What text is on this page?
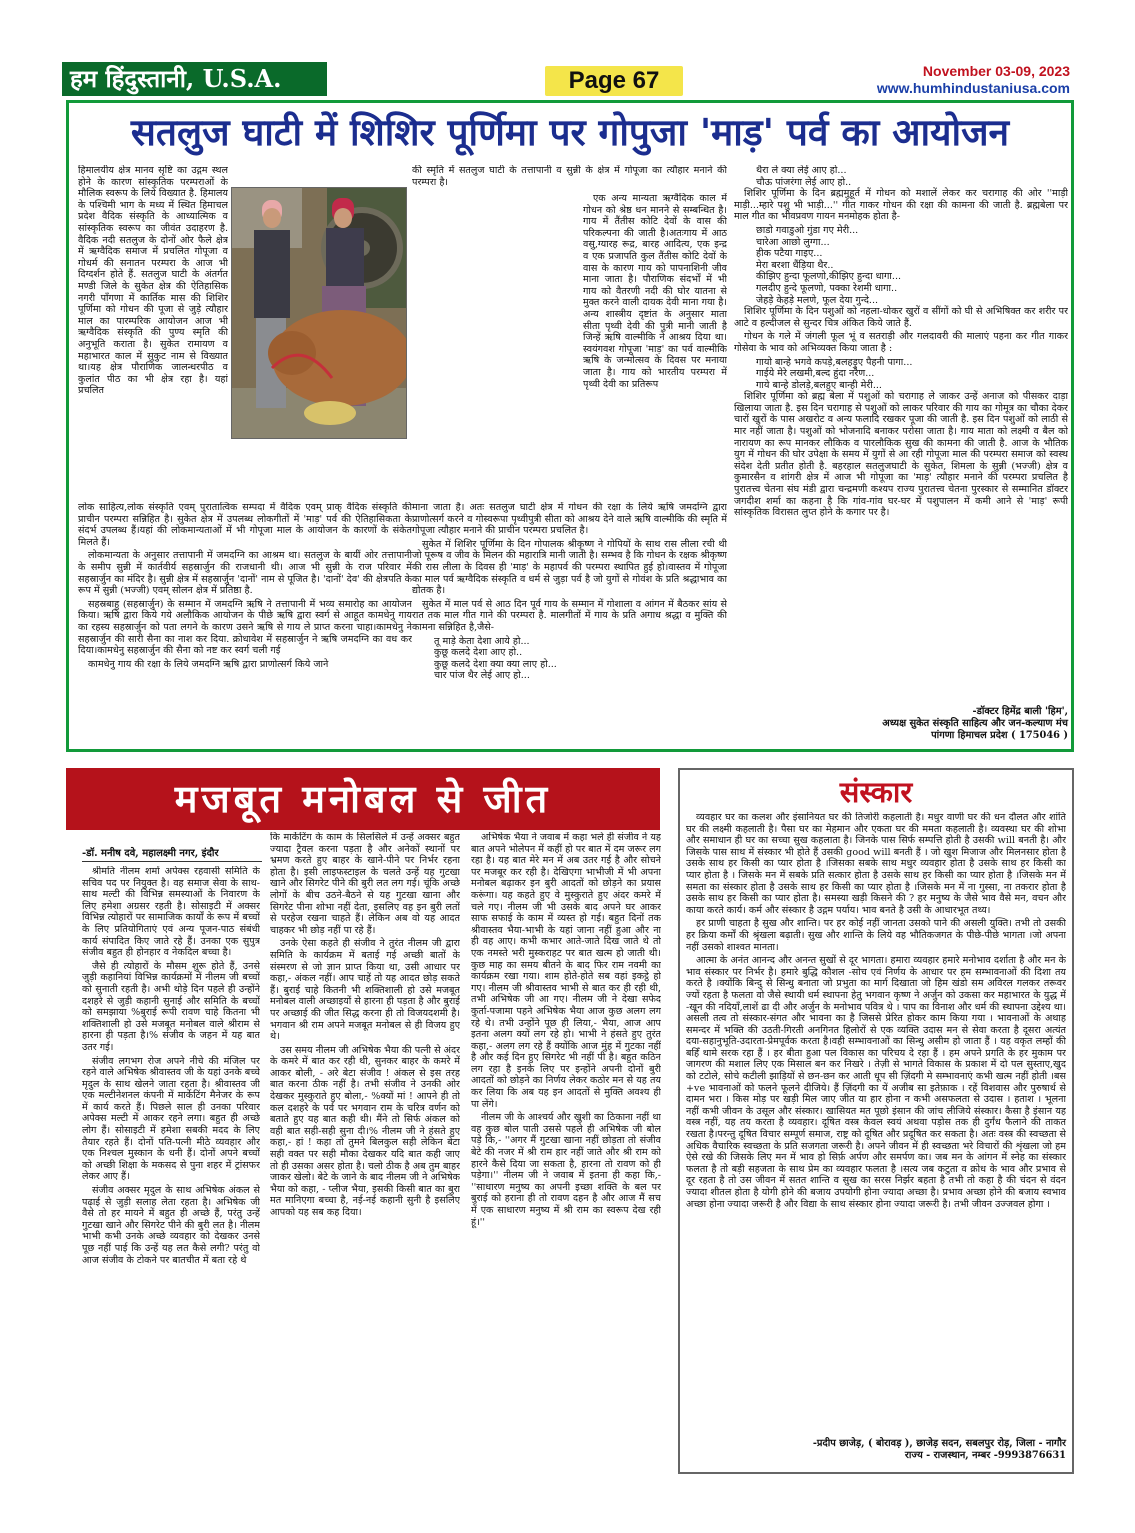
हम हिंदुस्तानी, U.S.A.	Page 67	November 03-09, 2023
www.humhindustaniusa.com
सतलुज घाटी में शिशिर पूर्णिमा पर गोपुजा 'माड़' पर्व का आयोजन

हिमालयीय क्षेत्र मानव सृष्टि का उद्गम स्थल होने के कारण सांस्कृतिक परम्पराओं के मौलिक स्वरूप के लिये विख्यात है. हिमालय के पश्चिमी भाग के मध्य में स्थित हिमाचल प्रदेश वैदिक संस्कृति के आध्यात्मिक व सांस्कृतिक स्वरूप का जीवंत उदाहरण है. वैदिक नदी सतलुज के दोनों ओर फैले क्षेत्र में ऋग्वैदिक समाज में प्रचलित गोपूजा व गोधर्म की सनातन परम्परा के आज भी दिग्दर्शन होते हैं. सतलुज घाटी के अंतर्गत मण्डी जिले के सुकेत क्षेत्र की ऐतिहासिक नगरी पाँगणा में कार्तिक मास की शिशिर पूर्णिमा को गोधन की पूजा से जुड़े त्यौहार माल का पारम्परिक आयोजन आज भी ऋग्वैदिक संस्कृति की पुण्य स्मृति की अनुभूति कराता है। सुकेत रामायण व महाभारत काल में सुकुट नाम से विख्यात था।यह क्षेत्र पौराणिक जालन्धरपीठ व कुलांत पीठ का भी क्षेत्र रहा है। यहां प्रचलित

लोक साहित्य,लोक संस्कृति एवम् पुरातात्विक सम्पदा में वैदिक एवम् प्राक् वैदिक संस्कृति की प्राचीन परम्परा सन्निहित है। सुकेत क्षेत्र में उपलब्ध लोकगीतों में 'माड़' पर्व की ऐतिहासिकता के संदर्भ उपलब्ध हैं।यहां की लोकमान्यताओं में भी गोपूजा माल के आयोजन के कारणों के संकेत मिलते हैं।

लोकमान्यता के अनुसार तत्तापानी में जमदग्नि का आश्रम था। सतलुज के बायीं ओर तत्तापानी के समीप सुन्नी में कार्तवीर्य सहस्रार्जुन की राजधानी थी। आज भी सुन्नी के राज परिवार में सहस्रार्जुन का मंदिर है। सुन्नी क्षेत्र में सहस्रार्जुन 'दानों' नाम से पूजित है। 'दानों' देव' की क्षेत्रपति के रूप में सुन्नी (भज्जी) एवम् सोलन क्षेत्र में प्रतिष्ठा है.

सहस्रबाहु (सहस्रार्जुन) के सम्मान में जमदग्नि ऋषि ने तत्तापानी में भव्य समारोह का आयोजन किया। ऋषि द्वारा किये गये अलौकिक आयोजन के पीछे ऋषि द्वारा स्वर्ग से आहूत कामधेनु गाय का रहस्य सहस्रार्जुन को पता लगने के कारण उसने ऋषि से गाय ले प्राप्त करना चाहा।कामधेनु ने सहस्रार्जुन की सारी सैना का नाश कर दिया. क्रोधावेश में सहस्रार्जुन ने ऋषि जमदग्नि का वध कर दिया।कामधेनु सहस्रार्जुन की सैना को नष्ट कर स्वर्ग चली गई

कामधेनु गाय की रक्षा के लिये जमदग्नि ऋषि द्वारा प्राणोत्सर्ग किये जाने

की स्मृति में सतलुज घाटी के तत्तापानी व सुन्नी के क्षेत्र में गोपूजा का त्यौहार मनाने की परम्परा है।

एक अन्य मान्यता ऋग्वैदिक काल में गोधन को श्रेष्ठ धन मानने से सम्बन्धित है। गाय में तैंतीस कोटि देवों के वास की परिकल्पना की जाती है।अतःगाय में आठ वसु,ग्यारह रूद्र, बारह आदित्य, एक इन्द्र व एक प्रजापति कुल तैंतीस कोटि देवों के वास के कारण गाय को पापनाशिनी जीव माना जाता है। पौराणिक संदर्भों में भी गाय को वैतरणी नदी की घोर यातना से मुक्त करने वाली दायक देवी माना गया है। अन्य शास्त्रीय दृष्टांत के अनुसार माता सीता पृथ्वी देवी की पुत्री मानी जाती है जिन्हें ऋषि वाल्मीकि ने आश्रय दिया था।स्वयंगवश गोपूजा 'माड़' का पर्व वाल्मीकि ऋषि के जन्मोत्सव के दिवस पर मनाया जाता है। गाय को भारतीय परम्परा में पृथ्वी देवी का प्रतिरूप

माना जाता है। अतः सतलुज घाटी क्षेत्र में गोधन की रक्षा के लिये ऋषि जमदग्नि द्वारा प्राणोत्सर्ग करने व गोस्वरूपा पृथ्वीपुत्री सीता को आश्रय देने वाले ऋषि वाल्मीकि की स्मृति में गोपूजा त्यौहार मनाने की प्राचीन परम्परा प्रचलित है।

सुकेत में शिशिर पूर्णिमा के दिन गोपालक श्रीकृष्ण ने गोपियों के साथ रास लीला रची थी जो पूरूष व जीव के मिलन की महारात्रि मानी जाती है। सम्भव है कि गोधन के रक्षक श्रीकृष्ण की रास लीला के दिवस ही 'माड़' के महापर्व की परम्परा स्थापित हुई हो।वास्तव में गोपूजा का माल पर्व ऋग्वैदिक संस्कृति व धर्म से जुड़ा पर्व है जो युगों से गोवंश के प्रति श्रद्धाभाव का द्योतक है।

सुकेत में माल पर्व से आठ दिन पूर्व गाय के सम्मान में गोशाला व आंगन में बैठकर सांय से रात तक माल गीत गाने की परम्परा है. मालगीतों में गाय के प्रति अगाध श्रद्धा व मुक्ति की कामना सन्निहित है,जैसे-

तू माड़े केता देशा आये हो...
कुछू कलदे देशा आए हो..
कुछू कलदे देशा क्या क्या लाए हो...
चार पांज थैर लेई आए हो...
थैरा ले क्या लेई आए हो...
चौऊ पांजरंगा लेई आए हो..

शिशिर पूर्णिमा के दिन ब्रह्ममुहूर्त में गोधन को मशालें लेकर कर चरागाह की ओर ''माड़ी माड़ी...म्हारे पशु भी भाड़ी...'' गीत गाकर गोधन की रक्षा की कामना की जाती है. ब्रह्मबेला पर माल गीत का भीवप्रवण गायन मनमोहक होता है-

छाडो गवाडुओ गुंडा गए मेरी...
चारेआ आछो लुग्गा...
हीक पटैया गाइए...
मेरा बरशा धैंड़िया थैर..
कीझिए हुन्दा फूलणो,कीझिए हुन्दा धागा...
गलदीए हुन्दे फूलणो, पक्का रेशमी धागा..
जेहड़े केहड़े मलणे, फूल देया गुन्दे...

शिशिर पूर्णिमा के दिन पशुओं को नहला-धोकर खुरों व सींगों को घी से अभिषिक्त कर शरीर पर आटे व हल्दीजल से सुन्दर चित्र अंकित किये जाते हैं.

गोधन के गले में जंगली फूल भूं व सतराड़ी और गलदावरी की मालाएं पहना कर गीत गाकर गोसेवा के भाव को अभिव्यक्त किया जाता है :

गायो बान्हे भगवे कपड़े,बलहड़ुए पैहनी पागा...
गाईये मेरे लखमी,बल्द हुंदा नरैण...
गाये बान्हे डोलड़े,बलहुए बान्ही मेरी...

शिशिर पूर्णिमा को ब्रह्म बेला में पशुओं को चरागाह ले जाकर उन्हें अनाज को पीसकर दाड़ा खिलाया जाता है. इस दिन चरागाह से पशुओं को लाकर परिवार की गाय का गोमूत्र का चौका देकर चारों खुरों के पास अखरोट व अन्य फलादि रखकर पूजा की जाती है. इस दिन पशुओं को लाठी से मार नहीं जाता है। पशुओं को भोजनादि बनाकर परोसा जाता है। गाय माता को लक्ष्मी व बैल को नारायण का रूप मानकर लौकिक व पारलौकिक सुख की कामना की जाती है. आज के भौतिक युग में गोधन की घोर उपेक्षा के समय में युगों से आ रही गोपूजा माल की परम्परा समाज को स्वस्थ संदेश देती प्रतीत होती है. बहरहाल सतलुजघाटी के सुकेत, शिमला के सुन्नी (भज्जी) क्षेत्र व कुमारसैन व शांगरी क्षेत्र में आज भी गोपूजा का 'माड़' त्यौहार मनाने की परम्परा प्रचलित है पुरातत्त्व चेतना संघ मंडी द्वारा चन्द्रमणी कश्यप राज्य पुरातत्त्व चेतना पुरस्कार से सम्मानित डॉक्टर जगदीश शर्मा का कहना है कि गांव-गांव घर-घर में पशुपालन में कमी आने से 'माड़' रूपी सांस्कृतिक विरासत लुप्त होने के कगार पर है।

-डॉक्टर हिमेंद्र बाली 'हिम',
अध्यक्ष सुकेत संस्कृति साहित्य और जन-कल्याण मंच
पांगणा हिमाचल प्रदेश ( 175046 )
मजबूत मनोबल से जीत
-डॉ. मनीष दवे, महालक्ष्मी नगर, इंदौर

श्रीमति नीलम शर्मा अपेक्स रहवासी समिति के सचिव पद पर नियुक्त है। वह समाज सेवा के साथ-साथ मल्टी की विभिन्न समस्याओं के निवारण के लिए हमेशा अग्रसर रहती है। सोसाइटी में अक्सर विभिन्न त्योहारों पर सामाजिक कार्यों के रूप में बच्चों के लिए प्रतियोगिताएं एवं अन्य पूजन-पाठ संबंधी कार्य संपादित किए जाते रहे हैं। उनका एक सुपुत्र संजीव बहुत ही होनहार व नेकदिल बच्चा है।

जैसे ही त्योहारों के मौसम शुरू होते हैं, उनसे जुड़ी कहानियां विभिन्न कार्यक्रमों में नीलम जी बच्चों को सुनाती रहती है। अभी थोड़े दिन पहले ही उन्होंने दशहरे से जुड़ी कहानी सुनाई और समिति के बच्चों को समझाया %बुराई रूपी रावण चाहे कितना भी शक्तिशाली हो उसे मजबूत मनोबल वाले श्रीराम से हारना ही पड़ता है।% संजीव के जहन में यह बात उतर गई।

संजीव लगभग रोज अपने नीचे की मंजिल पर रहने वाले अभिषेक श्रीवास्तव जी के यहां उनके बच्चे मृदुल के साथ खेलने जाता रहता है। श्रीवास्तव जी एक मल्टीनेशनल कंपनी में मार्केटिंग मैनेजर के रूप में कार्य करते हैं। पिछले साल ही उनका परिवार अपेक्स मल्टी में आकर रहने लगा। बहुत ही अच्छे लोग हैं। सोसाइटी में हमेशा सबकी मदद के लिए तैयार रहते हैं। दोनों पति-पत्नी मीठे व्यवहार और एक निश्चल मुस्कान के धनी हैं। दोनों अपने बच्चों को अच्छी शिक्षा के मकसद से पुना शहर में ट्रांसफर लेकर आए हैं।

संजीव अक्सर मृदुल के साथ अभिषेक अंकल से पढ़ाई से जुड़ी सलाह लेता रहता है। अभिषेक जी वैसे तो हर मायने में बहुत ही अच्छे हैं, परंतु उन्हें गुटखा खाने और सिगरेट पीने की बुरी लत है। नीलम भाभी कभी उनके अच्छे व्यवहार को देखकर उनसे पूछ नहीं पाई कि उन्हें यह लत कैसे लगी? परंतु वो आज संजीव के टोकने पर बातचीत में बता रहे थे

कि मार्केटिंग के काम के सिलसिले में उन्हें अक्सर बहुत ज्यादा ट्रैवल करना पड़ता है और अनेकों स्थानों पर भ्रमण करते हुए बाहर के खाने-पीने पर निर्भर रहना होता है। इसी लाइफस्टाइल के चलते उन्हें यह गुटखा खाने और सिगरेट पीने की बुरी लत लग गई। चूंकि अच्छे लोगों के बीच उठने-बैठने से यह गुटखा खाना और सिगरेट पीना शोभा नहीं देता, इसलिए वह इन बुरी लतों से परहेज रखना चाहते हैं। लेकिन अब वो यह आदत चाहकर भी छोड़ नहीं पा रहे हैं।

उनके ऐसा कहते ही संजीव ने तुरंत नीलम जी द्वारा समिति के कार्यक्रम में बताई गई अच्छी बातों के संस्मरण से जो ज्ञान प्राप्त किया था, उसी आधार पर कहा,- अंकल नहीं। आप चाहें तो यह आदत छोड़ सकते हैं। बुराई चाहे कितनी भी शक्तिशाली हो उसे मजबूत मनोबल वाली अच्छाइयों से हारना ही पड़ता है और बुराई पर अच्छाई की जीत सिद्ध करना ही तो विजयदशमी है। भगवान श्री राम अपने मजबूत मनोबल से ही विजय हुए थे।

उस समय नीलम जी अभिषेक भैया की पत्नी से अंदर के कमरे में बात कर रही थी, सुनकर बाहर के कमरे में आकर बोली, - अरे बेटा संजीव ! अंकल से इस तरह बात करना ठीक नहीं है। तभी संजीव ने उनकी ओर देखकर मुस्कुराते हुए बोला,- %क्यों मां ! आपने ही तो कल दशहरे के पर्व पर भगवान राम के चरित्र वर्णन को बताते हुए यह बात कही थी। मैंने तो सिर्फ अंकल को वही बात सही-सही सुना दी।% नीलम जी ने हंसते हुए कहा,- हां ! कहा तो तुमने बिलकुल सही लेकिन बेटा सही वक्त पर सही मौका देखकर यदि बात कही जाए तो ही उसका असर होता है। चलो ठीक है अब तुम बाहर जाकर खेलो। बेटे के जाने के बाद नीलम जी ने अभिषेक भैया को कहा, - प्लीज भैया, इसकी किसी बात का बुरा मत मानिएगा बच्चा है, नई-नई कहानी सुनी है इसलिए आपको यह सब कह दिया।

अभिषेक भैया ने जवाब में कहा भले ही संजीव ने यह बात अपने भोलेपन में कहीं हो पर बात में दम जरूर लग रहा है। यह बात मेरे मन में अब उतर गई है और सोचने पर मजबूर कर रही है। देखिएगा भाभीजी में भी अपना मनोबल बढ़ाकर इन बुरी आदतों को छोड़ने का प्रयास करूंगा। यह कहते हुए वे मुस्कुराते हुए अंदर कमरे में चले गए। नीलम जी भी उसके बाद अपने घर आकर साफ सफाई के काम में व्यस्त हो गई। बहुत दिनों तक श्रीवास्तव भैया-भाभी के यहां जाना नहीं हुआ और ना ही वह आए। कभी कभार आते-जाते दिख जाते थे तो एक नमस्ते भरी मुस्कराहट पर बात खत्म हो जाती थी। कुछ माह का समय बीतने के बाद फिर राम नवमी का कार्यक्रम रखा गया। शाम होते-होते सब वहां इकट्ठे हो गए। नीलम जी श्रीवास्तव भाभी से बात कर ही रही थी, तभी अभिषेक जी आ गए। नीलम जी ने देखा सफेद कुर्ता-पजामा पहने अभिषेक भैया आज कुछ अलग लग रहे थे। तभी उन्होंने पूछ ही लिया,- भैया, आज आप इतना अलग क्यों लग रहे हो। भाभी ने हंसते हुए तुरंत कहा,- अलग लग रहे हैं क्योंकि आज मुंह में गुटका नहीं है और कई दिन हुए सिगरेट भी नहीं पी है। बहुत कठिन लग रहा है इनके लिए पर इन्होंने अपनी दोनों बुरी आदतों को छोड़ने का निर्णय लेकर कठोर मन से यह तय कर लिया कि अब यह इन आदतों से मुक्ति अवश्य ही पा लेंगे।

नीलम जी के आश्चर्य और खुशी का ठिकाना नहीं था वह कुछ बोल पाती उससे पहले ही अभिषेक जी बोल पड़े कि,- ''अगर मैं गुटखा खाना नहीं छोड़ता तो संजीव बेटे की नजर में श्री राम हार नहीं जाते और श्री राम को हारने कैसे दिया जा सकता है, हारना तो रावण को ही पड़ेगा।'' नीलम जी ने जवाब में इतना ही कहा कि,- ''साधारण मनुष्य का अपनी इच्छा शक्ति के बल पर बुराई को हराना ही तो रावण दहन है और आज मैं सच में एक साधारण मनुष्य में श्री राम का स्वरूप देख रही हूं।''

संस्कार

व्यवहार घर का कलश और इंसानियत घर की तिजोरी कहलाती है। मधुर वाणी घर की धन दौलत और शांति घर की लक्ष्मी कहलाती है। पैसा घर का मेहमान और एकता घर की ममता कहलाती है। व्यवस्था घर की शोभा और समाधान ही घर का सच्चा सुख कहलाता है। जिनके पास सिर्फ सम्पत्ति होती है उसकी will बनती है। और जिसके पास साथ में संस्कार भी होते हैं उसकी good will बनती हैं । जो खुश मिजाज और मिलनसार होता है उसके साथ हर किसी का प्यार होता है ।जिसका सबके साथ मधुर व्यवहार होता है उसके साथ हर किसी का प्यार होता है । जिसके मन में सबके प्रति सत्कार होता है उसके साथ हर किसी का प्यार होता है ।जिसके मन में समता का संस्कार होता है उसके साथ हर किसी का प्यार होता है ।जिसके मन में ना गुस्सा, ना तकरार होता है उसके साथ हर किसी का प्यार होता है। समस्या खड़ी किसने की ? हर मनुष्य के जैसे भाव वैसे मन, वचन और काया करते कार्य। कर्म और संस्कार है उद्गम पर्याय। भाव बनते है उसी के आधारभूत तथ्य।

हर प्राणी चाहता है सुख और शान्ति। पर हर कोई नहीं जानता उसको पाने की असली युक्ति। तभी तो उसकी हर क्रिया कर्मों की श्रृंखला बढ़ाती। सुख और शान्ति के लिये वह भौतिकजगत के पीछे-पीछे भागता ।जो अपना नहीं उसको शाश्वत मानता।

आत्मा के अनंत आनन्द और अनन्त सुखों से दूर भागता। हमारा व्यवहार हमारे मनोभाव दर्शाता है और मन के भाव संस्कार पर निर्भर है। हमारे बुद्धि कौशल -सोच एवं निर्णय के आधार पर हम सम्भावनाओं की दिशा तय करते है ।क्योंकि बिन्दु से सिन्धु बनाता जो प्रभुता का मार्ग दिखाता जो हिम खंडो सम अविरल गलकर तरूवर ज्यों रहता है फलता वो जैसे स्थायी धर्म स्थापना हेतु भगवान कृष्ण ने अर्जुन को उकसा कर महाभारत के युद्ध में -खून की नदियाँ,लाशें ढा दी और अर्जुन के मनोभाव पवित्र थे । पाप का विनाश और धर्म की स्थापना उद्देश्य था। असली तत्व तो संस्कार-संगत और भावना का है जिससे प्रेरित होकर काम किया गया । भावनाओं के अथाह समन्दर में भक्ति की उठती-गिरती अनगिनत हिलोरों से एक व्यक्ति उदास मन से सेवा करता है दूसरा अत्यंत दया-सहानुभूति-उदारता-प्रेमपूर्वक करता है।वही सम्भावनाओं का सिन्धु असीम हो जाता हैं । यह वकृत लम्हों की बहिँ थामे सरक रहा हैं । हर बीता हुआ पल विकास का परिचय दे रहा हैं । हम अपने प्रगति के हर मुकाम पर जागरण की मशाल लिए एक मिसाल बन कर निखरे । तेज़ी से भागते विकास के प्रकाश में दो पल सुस्ताए,खुद को टटोले, सोचे कटीली झाड़ियों से छन-छन कर आती धूप सी ज़िंदगी मे सम्भावनाएं कभी खत्म नहीं होती ।बस +ve भावनाओं को फलने फूलने दीजिये। हैं ज़िंदगी का यें अजीब सा इतेफ़ाक । रहें विशवास और पुरुषार्थ से दामन भरा । किस मोड़ पर खड़ी मिल जाए जीत या हार होना न कभी असफलता से उदास । हताश । भूलना नहीं कभी जीवन के उसूल और संस्कार। खासियत मत पूछो इंसान की जांच लीजिये संस्कार। कैसा है इंसान यह वस्त्र नहीं, यह तय करता है व्यवहार। दूषित वस्त्र केवल स्वयं अथवा पड़ोस तक ही दुर्गंध फैलाने की ताकत रखता है।परन्तु दूषित विचार सम्पूर्ण समाज, राष्ट्र को दूषित और प्रदूषित कर सकता है। अतः वस्त्र की स्वच्छता से अधिक वैचारिक स्वच्छता के प्रति सजगता जरूरी है। अपने जीवन में ही स्वच्छता भरे विचारों की शृंखला जो हम ऐसे रखे की जिसके लिए मन में भाव हो सिर्फ़ अर्पण और समर्पण का। जब मन के आंगन में स्नेह का संस्कार फलता है तो बड़ी सहजता के साथ प्रेम का व्यवहार फलता है ।सत्य जब कटुता व क्रोध के भाव और प्रभाव से दूर रहता है तो उस जीवन में सतत शान्ति व सुख का सरस निर्झर बहता है तभी तो कहा है की चंदन से वंदन ज्यादा शीतल होता है योगी होने की बजाय उपयोगी होना ज्यादा अच्छा है। प्रभाव अच्छा होने की बजाय स्वभाव अच्छा होना ज्यादा जरूरी है और विद्या के साथ संस्कार होना ज्यादा जरूरी है। तभी जीवन उज्जवल होगा ।

-प्रदीप छाजेड़, ( बोरावड़ ), छाजेड़ सदन, सबलपुर रोड़, जिला - नागौर
राज्य - राजस्थान, नम्बर -9993876631
